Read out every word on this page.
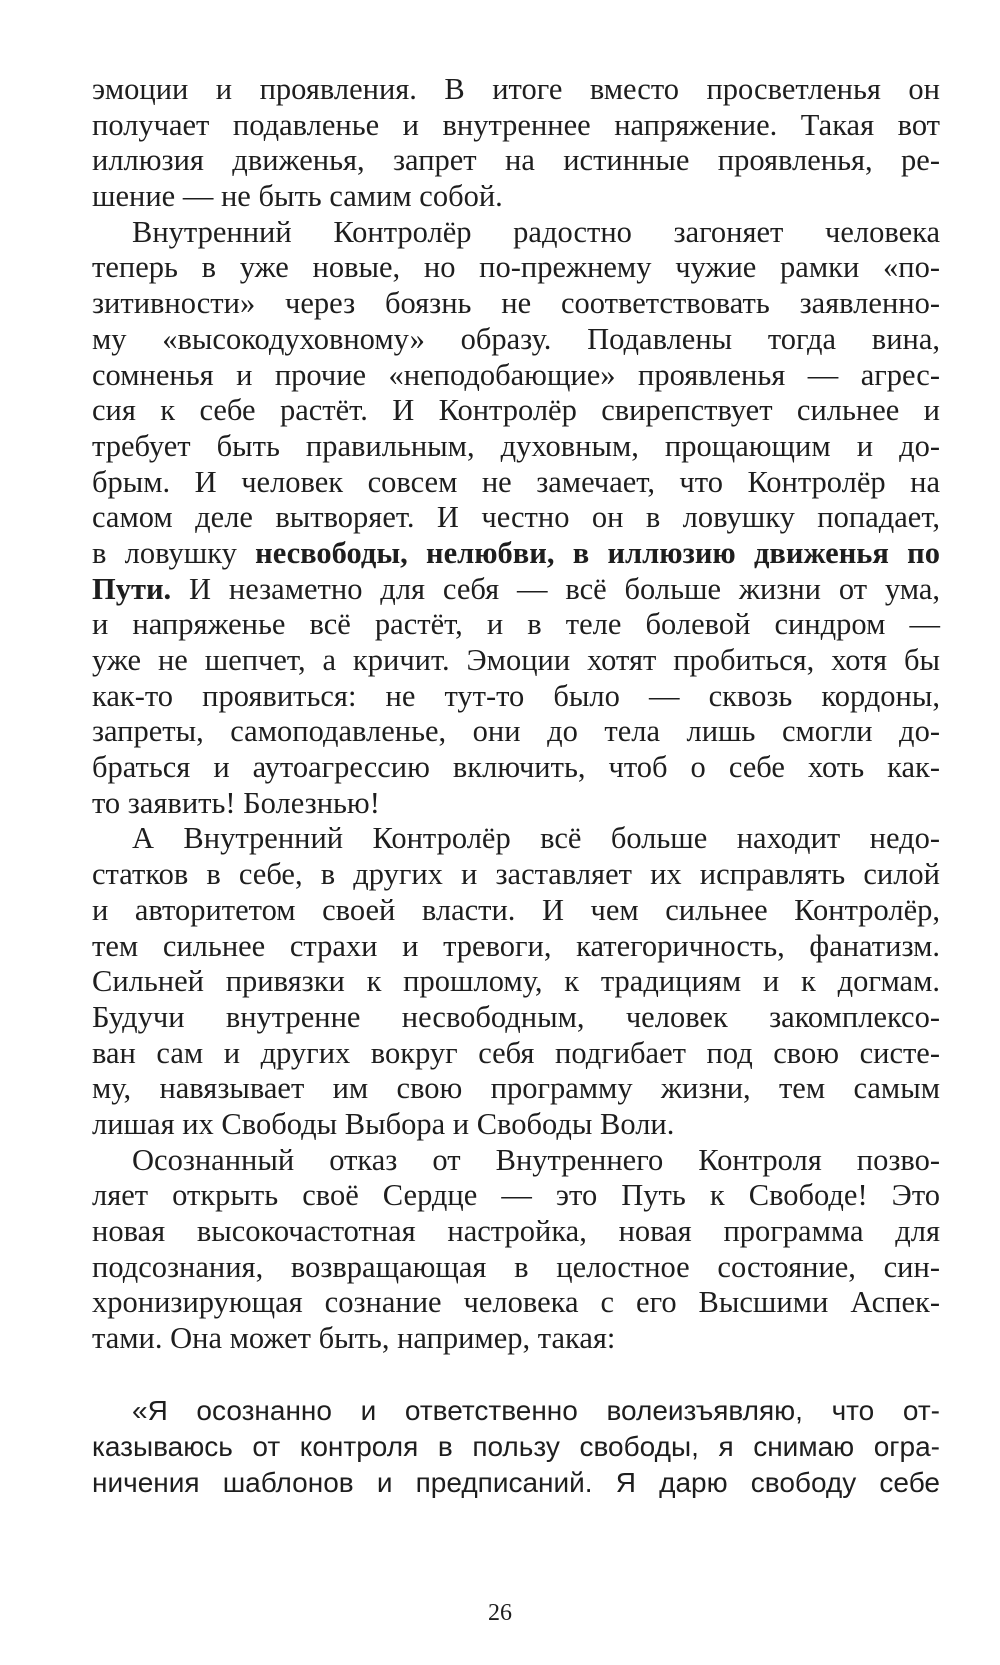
эмоции и проявления. В итоге вместо просветленья он
получает подавленье и внутреннее напряжение. Такая вот
иллюзия движенья, запрет на истинные проявленья, ре-
шение — не быть самим собой.
Внутренний Контролёр радостно загоняет человека
теперь в уже новые, но по-прежнему чужие рамки «по-
зитивности» через боязнь не соответствовать заявленно-
му «высокодуховному» образу. Подавлены тогда вина,
сомненья и прочие «неподобающие» проявленья — агрес-
сия к себе растёт. И Контролёр свирепствует сильнее и
требует быть правильным, духовным, прощающим и до-
брым. И человек совсем не замечает, что Контролёр на
самом деле вытворяет. И честно он в ловушку попадает,
в ловушку несвободы, нелюбви, в иллюзию движенья по
Пути. И незаметно для себя — всё больше жизни от ума,
и напряженье всё растёт, и в теле болевой синдром —
уже не шепчет, а кричит. Эмоции хотят пробиться, хотя бы
как-то проявиться: не тут-то было — сквозь кордоны,
запреты, самоподавленье, они до тела лишь смогли до-
браться и аутоагрессию включить, чтоб о себе хоть как-
то заявить! Болезнью!
А Внутренний Контролёр всё больше находит недо-
статков в себе, в других и заставляет их исправлять силой
и авторитетом своей власти. И чем сильнее Контролёр,
тем сильнее страхи и тревоги, категоричность, фанатизм.
Сильней привязки к прошлому, к традициям и к догмам.
Будучи внутренне несвободным, человек закомплексо-
ван сам и других вокруг себя подгибает под свою систе-
му, навязывает им свою программу жизни, тем самым
лишая их Свободы Выбора и Свободы Воли.
Осознанный отказ от Внутреннего Контроля позво-
ляет открыть своё Сердце — это Путь к Свободе! Это
новая высокочастотная настройка, новая программа для
подсознания, возвращающая в целостное состояние, син-
хронизирующая сознание человека с его Высшими Аспек-
тами. Она может быть, например, такая:
«Я осознанно и ответственно волеизъявляю, что от-
казываюсь от контроля в пользу свободы, я снимаю огра-
ничения шаблонов и предписаний. Я дарю свободу себе
26
